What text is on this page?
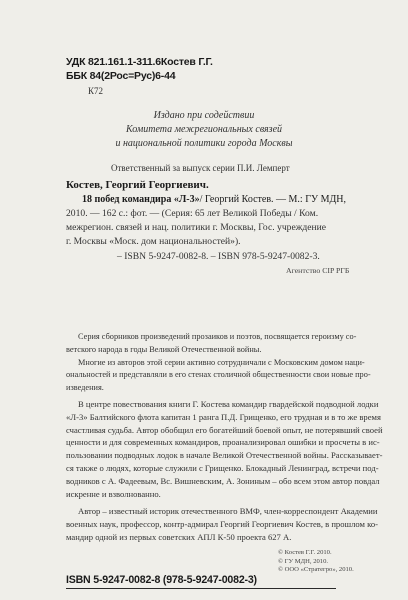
УДК 821.161.1-311.6Костев Г.Г.
ББК 84(2Рос=Рус)6-44
К72
Издано при содействии
Комитета межрегиональных связей
и национальной политики города Москвы
Ответственный за выпуск серии П.И. Лемперт
Костев, Георгий Георгиевич.
18 побед командира «Л-3»/ Георгий Костев. — М.: ГУ МДН,
2010. — 162 с.: фот. — (Серия: 65 лет Великой Победы / Ком.
межрегион. связей и нац. политики г. Москвы, Гос. учреждение
г. Москвы «Моск. дом национальностей»).
– ISBN 5-9247-0082-8. – ISBN 978-5-9247-0082-3.
Агентство CIP РГБ
Серия сборников произведений прозаиков и поэтов, посвящается героизму со-
ветского народа в годы Великой Отечественной войны.
Многие из авторов этой серии активно сотрудничали с Московским домом наци-
ональностей и представляли в его стенах столичной общественности свои новые про-
изведения.
В центре повествования книги Г. Костева командир гвардейской подводной лодки
«Л-3» Балтийского флота капитан 1 ранга П.Д. Грищенко, его трудная и в то же время
счастливая судьба. Автор обобщил его богатейший боевой опыт, не потерявший своей
ценности и для современных командиров, проанализировал ошибки и просчеты в ис-
пользовании подводных лодок в начале Великой Отечественной войны. Рассказывает-
ся также о людях, которые служили с Грищенко. Блокадный Ленинград, встречи под-
водников с А. Фадеевым, Вс. Вишневским, А. Зониным – обо всем этом автор повдал
искренне и взволнованно.
Автор – известный историк отечественного ВМФ, член-корреспондент Академии
военных наук, профессор, контр-адмирал Георгий Георгиевич Костев, в прошлом ко-
мандир одной из первых советских АПЛ К-50 проекта 627 А.
© Костев Г.Г. 2010.
© ГУ МДН, 2010.
© ООО «Стратегро», 2010.
ISBN 5-9247-0082-8 (978-5-9247-0082-3)
